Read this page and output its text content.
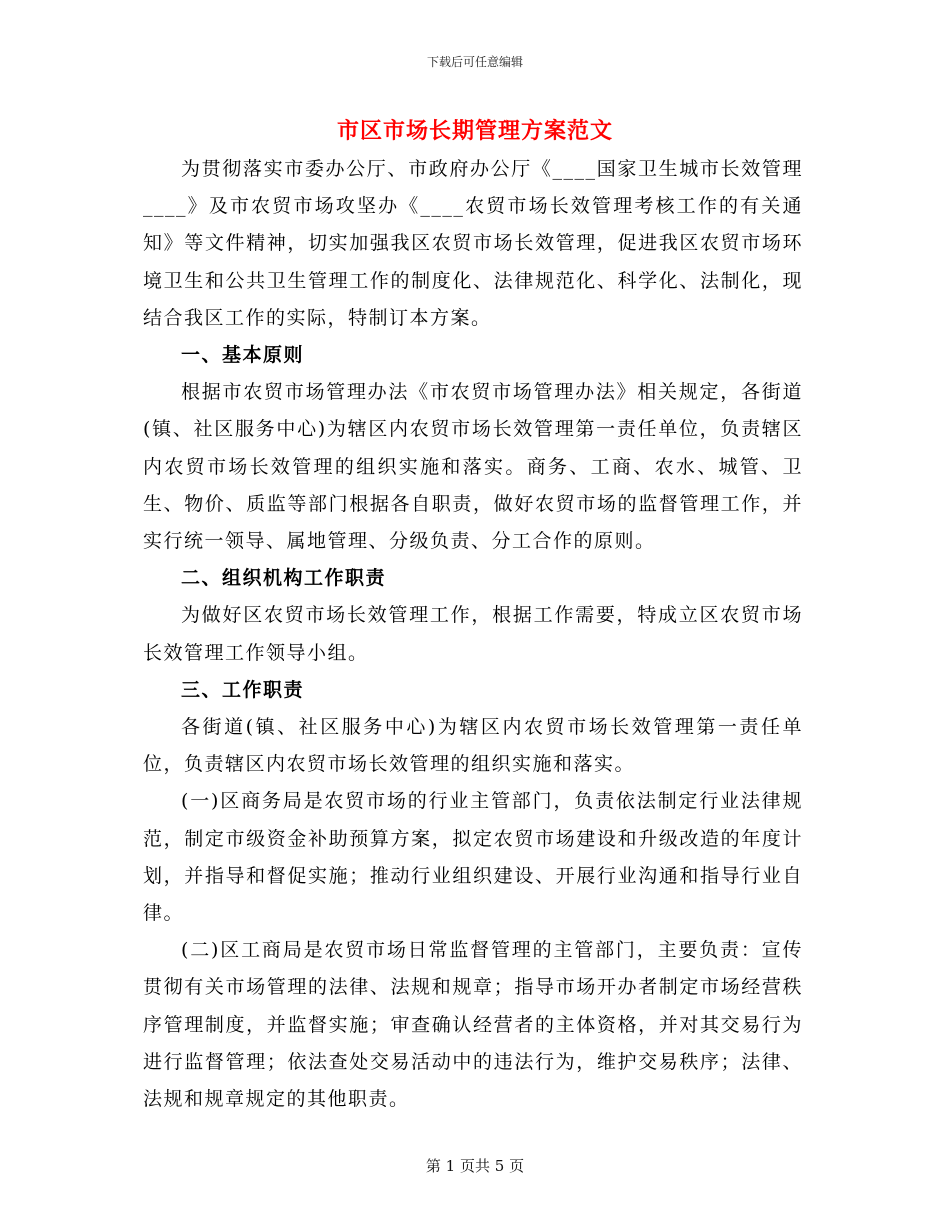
下载后可任意编辑
市区市场长期管理方案范文

为贯彻落实市委办公厅、市政府办公厅《____国家卫生城市长效管理____》及市农贸市场攻坚办《____农贸市场长效管理考核工作的有关通知》等文件精神，切实加强我区农贸市场长效管理，促进我区农贸市场环境卫生和公共卫生管理工作的制度化、法律规范化、科学化、法制化，现结合我区工作的实际，特制订本方案。

一、基本原则

根据市农贸市场管理办法《市农贸市场管理办法》相关规定，各街道(镇、社区服务中心)为辖区内农贸市场长效管理第一责任单位，负责辖区内农贸市场长效管理的组织实施和落实。商务、工商、农水、城管、卫生、物价、质监等部门根据各自职责，做好农贸市场的监督管理工作，并实行统一领导、属地管理、分级负责、分工合作的原则。

二、组织机构工作职责

为做好区农贸市场长效管理工作，根据工作需要，特成立区农贸市场长效管理工作领导小组。

三、工作职责

各街道(镇、社区服务中心)为辖区内农贸市场长效管理第一责任单位，负责辖区内农贸市场长效管理的组织实施和落实。

(一)区商务局是农贸市场的行业主管部门，负责依法制定行业法律规范，制定市级资金补助预算方案，拟定农贸市场建设和升级改造的年度计划，并指导和督促实施；推动行业组织建设、开展行业沟通和指导行业自律。

(二)区工商局是农贸市场日常监督管理的主管部门，主要负责：宣传贯彻有关市场管理的法律、法规和规章；指导市场开办者制定市场经营秩序管理制度，并监督实施；审查确认经营者的主体资格，并对其交易行为进行监督管理；依法查处交易活动中的违法行为，维护交易秩序；法律、法规和规章规定的其他职责。

第 1 页共 5 页
